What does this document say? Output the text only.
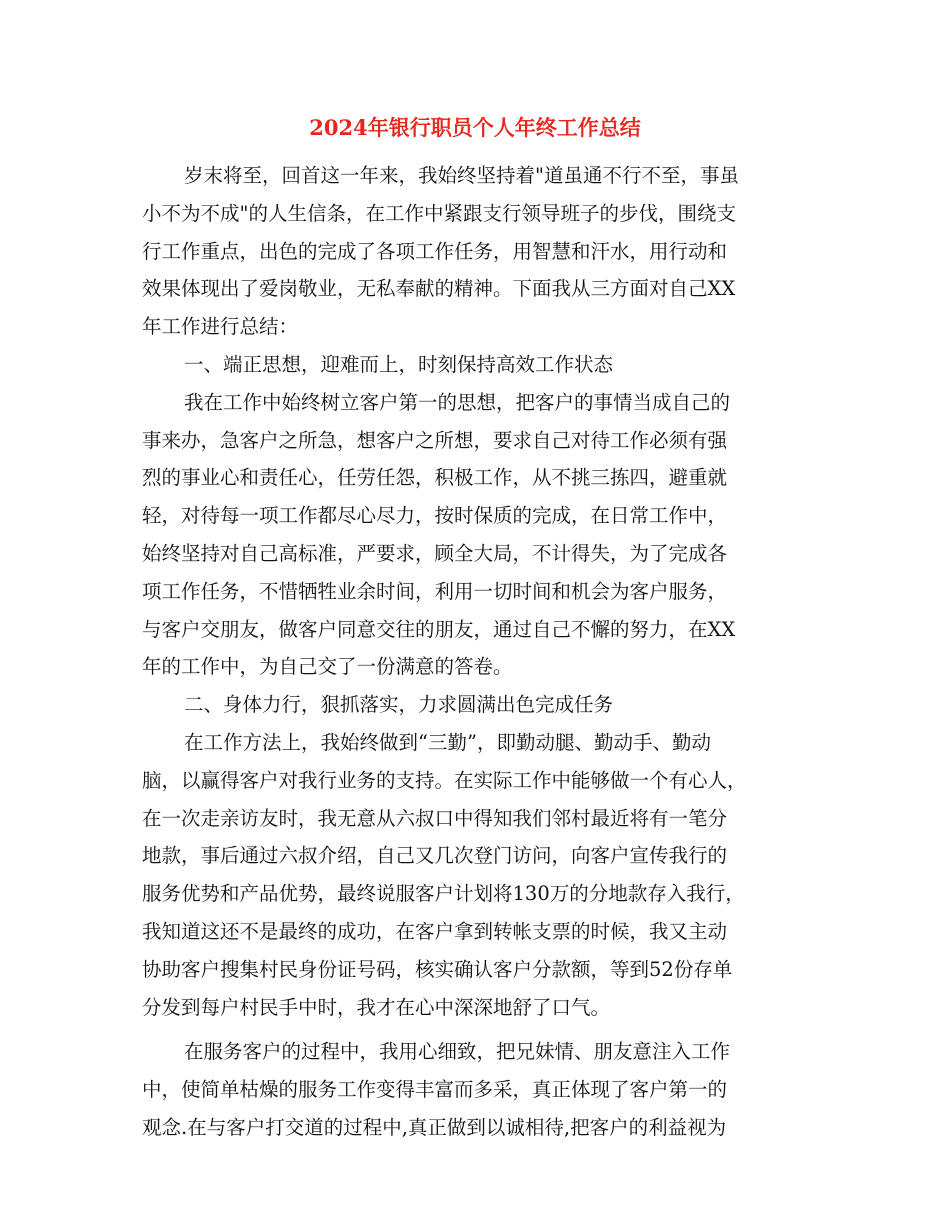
2024年银行职员个人年终工作总结
岁末将至，回首这一年来，我始终坚持着"道虽通不行不至，事虽
小不为不成"的人生信条，在工作中紧跟支行领导班子的步伐，围绕支
行工作重点，出色的完成了各项工作任务，用智慧和汗水，用行动和
效果体现出了爱岗敬业，无私奉献的精神。下面我从三方面对自己XX
年工作进行总结：
一、端正思想，迎难而上，时刻保持高效工作状态
我在工作中始终树立客户第一的思想，把客户的事情当成自己的
事来办，急客户之所急，想客户之所想，要求自己对待工作必须有强
烈的事业心和责任心，任劳任怨，积极工作，从不挑三拣四，避重就
轻，对待每一项工作都尽心尽力，按时保质的完成，在日常工作中，
始终坚持对自己高标准，严要求，顾全大局，不计得失，为了完成各
项工作任务，不惜牺牲业余时间，利用一切时间和机会为客户服务，
与客户交朋友，做客户同意交往的朋友，通过自己不懈的努力，在XX
年的工作中，为自己交了一份满意的答卷。
二、身体力行，狠抓落实，力求圆满出色完成任务
在工作方法上，我始终做到“三勤”，即勤动腿、勤动手、勤动
脑，以赢得客户对我行业务的支持。在实际工作中能够做一个有心人，
在一次走亲访友时，我无意从六叔口中得知我们邻村最近将有一笔分
地款，事后通过六叔介绍，自己又几次登门访问，向客户宣传我行的
服务优势和产品优势，最终说服客户计划将130万的分地款存入我行，
我知道这还不是最终的成功，在客户拿到转帐支票的时候，我又主动
协助客户搜集村民身份证号码，核实确认客户分款额，等到52份存单
分发到每户村民手中时，我才在心中深深地舒了口气。
在服务客户的过程中，我用心细致，把兄妹情、朋友意注入工作
中，使简单枯燥的服务工作变得丰富而多采，真正体现了客户第一的
观念.在与客户打交道的过程中,真正做到以诚相待,把客户的利益视为
